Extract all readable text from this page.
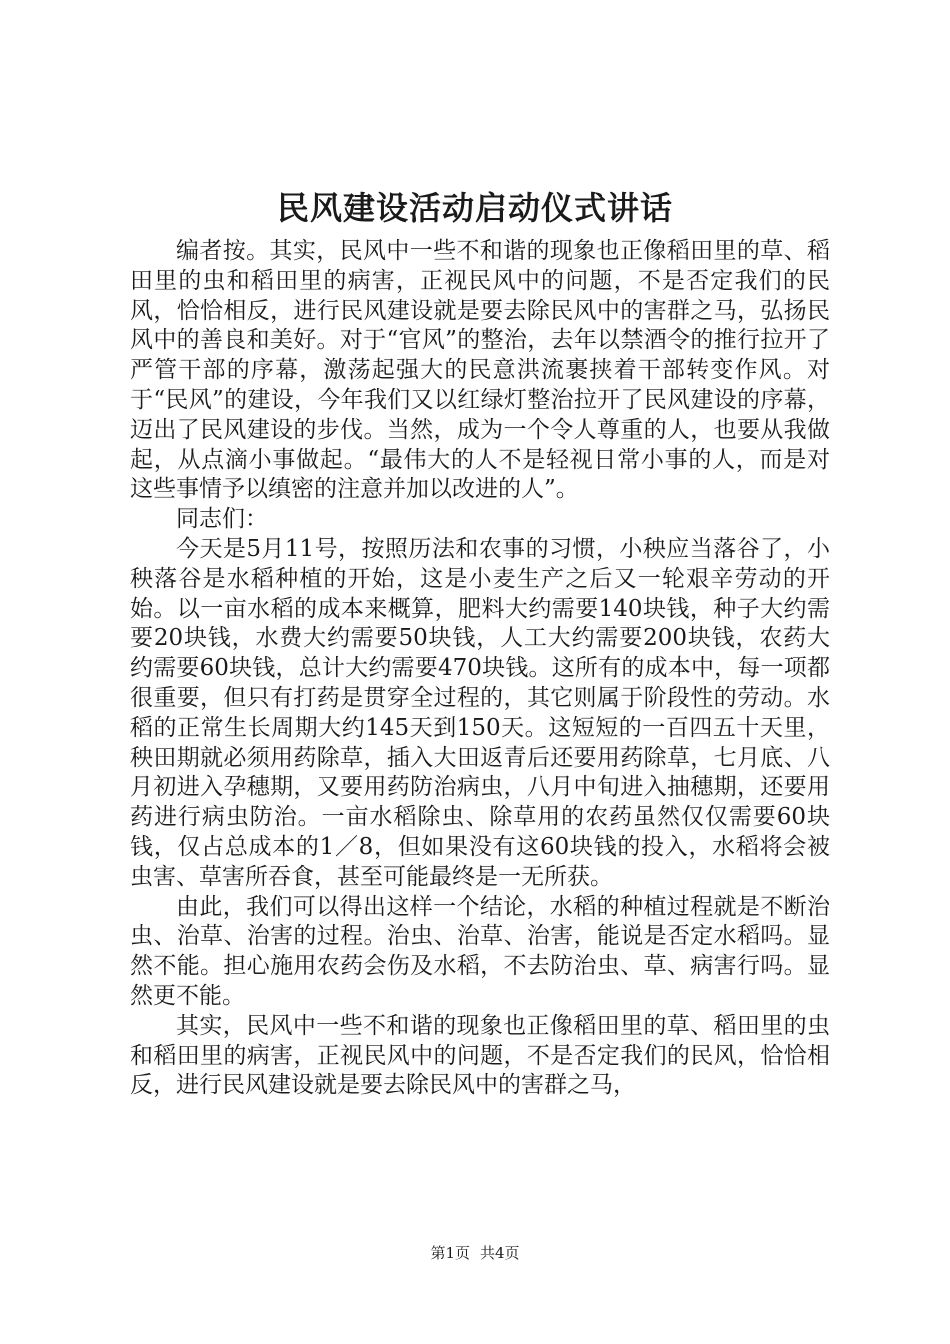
民风建设活动启动仪式讲话

编者按。其实，民风中一些不和谐的现象也正像稻田里的草、稻田里的虫和稻田里的病害，正视民风中的问题，不是否定我们的民风，恰恰相反，进行民风建设就是要去除民风中的害群之马，弘扬民风中的善良和美好。对于“官风”的整治，去年以禁酒令的推行拉开了严管干部的序幕，激荡起强大的民意洪流裹挟着干部转变作风。对于“民风”的建设，今年我们又以红绿灯整治拉开了民风建设的序幕，迈出了民风建设的步伐。当然，成为一个令人尊重的人，也要从我做起，从点滴小事做起。“最伟大的人不是轻视日常小事的人，而是对这些事情予以缜密的注意并加以改进的人”。

同志们：

今天是5月11号，按照历法和农事的习惯，小秧应当落谷了，小秧落谷是水稻种植的开始，这是小麦生产之后又一轮艰辛劳动的开始。以一亩水稻的成本来概算，肥料大约需要140块钱，种子大约需要20块钱，水费大约需要50块钱，人工大约需要200块钱，农药大约需要60块钱，总计大约需要470块钱。这所有的成本中，每一项都很重要，但只有打药是贯穿全过程的，其它则属于阶段性的劳动。水稻的正常生长周期大约145天到150天。这短短的一百四五十天里，秧田期就必须用药除草，插入大田返青后还要用药除草，七月底、八月初进入孕穗期，又要用药防治病虫，八月中旬进入抽穗期，还要用药进行病虫防治。一亩水稻除虫、除草用的农药虽然仅仅需要60块钱，仅占总成本的1／8，但如果没有这60块钱的投入，水稻将会被虫害、草害所吞食，甚至可能最终是一无所获。

由此，我们可以得出这样一个结论，水稻的种植过程就是不断治虫、治草、治害的过程。治虫、治草、治害，能说是否定水稻吗。显然不能。担心施用农药会伤及水稻，不去防治虫、草、病害行吗。显然更不能。

其实，民风中一些不和谐的现象也正像稻田里的草、稻田里的虫和稻田里的病害，正视民风中的问题，不是否定我们的民风，恰恰相反，进行民风建设就是要去除民风中的害群之马，

第1页 共4页
